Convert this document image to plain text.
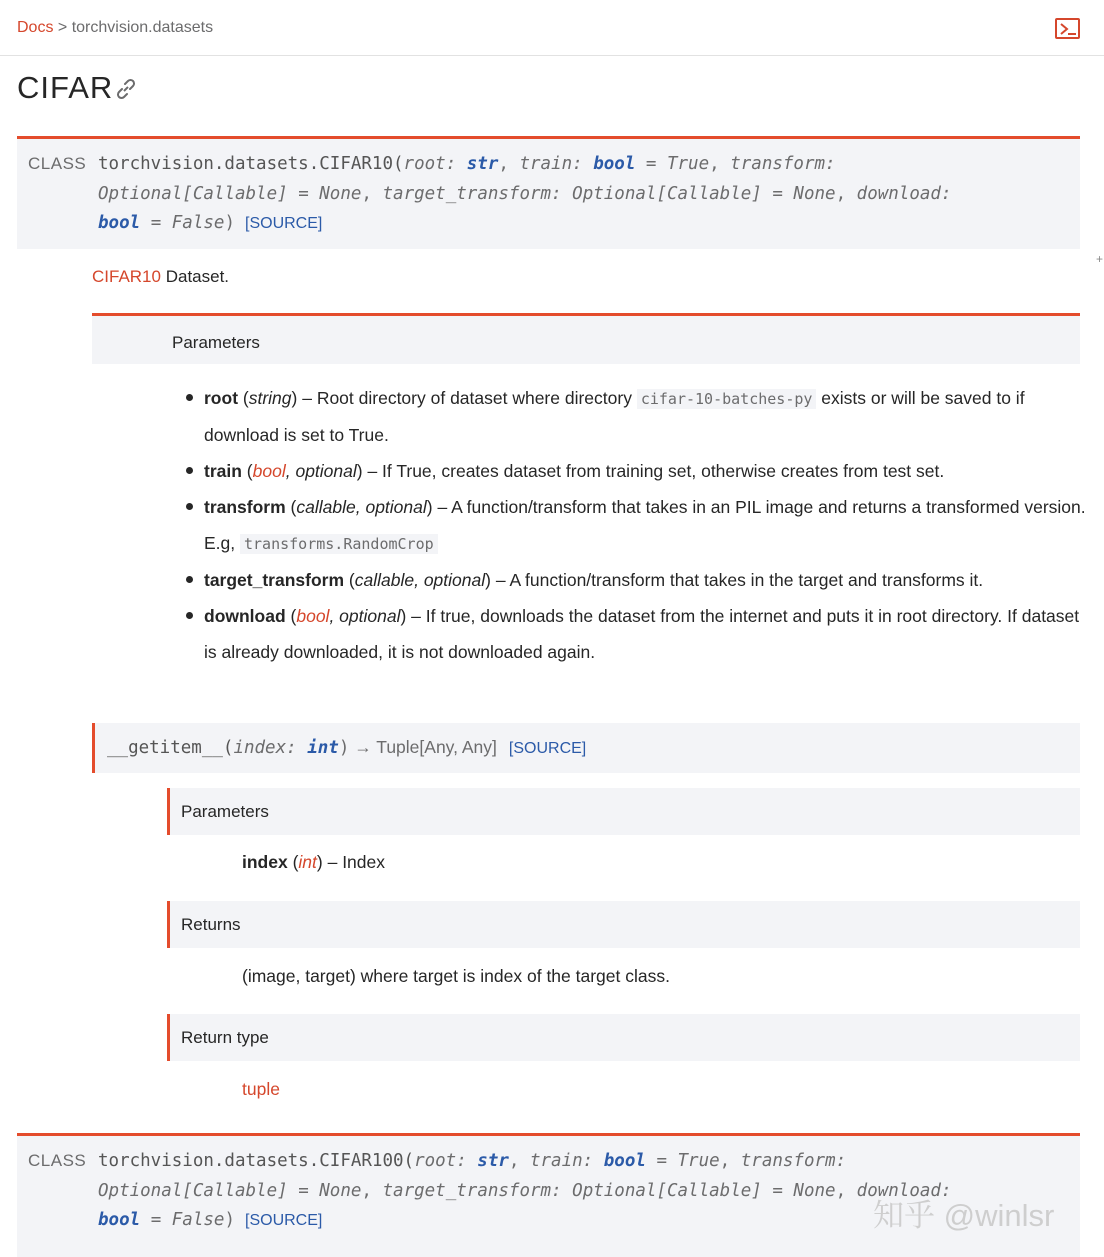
Docs > torchvision.datasets
CIFAR
CLASS torchvision.datasets.CIFAR10(root: str, train: bool = True, transform:
Optional[Callable] = None, target_transform: Optional[Callable] = None, download:
bool = False) [SOURCE]
+
CIFAR10 Dataset.
Parameters
root (string) – Root directory of dataset where directory cifar-10-batches-py exists or will be saved to if download is set to True.
train (bool, optional) – If True, creates dataset from training set, otherwise creates from test set.
transform (callable, optional) – A function/transform that takes in an PIL image and returns a transformed version. E.g, transforms.RandomCrop
target_transform (callable, optional) – A function/transform that takes in the target and transforms it.
download (bool, optional) – If true, downloads the dataset from the internet and puts it in root directory. If dataset is already downloaded, it is not downloaded again.
__getitem__(index: int) → Tuple[Any, Any] [SOURCE]
Parameters
index (int) – Index
Returns
(image, target) where target is index of the target class.
Return type
tuple
CLASS torchvision.datasets.CIFAR100(root: str, train: bool = True, transform:
Optional[Callable] = None, target_transform: Optional[Callable] = None, download:
bool = False) [SOURCE]	知乎 @winlsr
